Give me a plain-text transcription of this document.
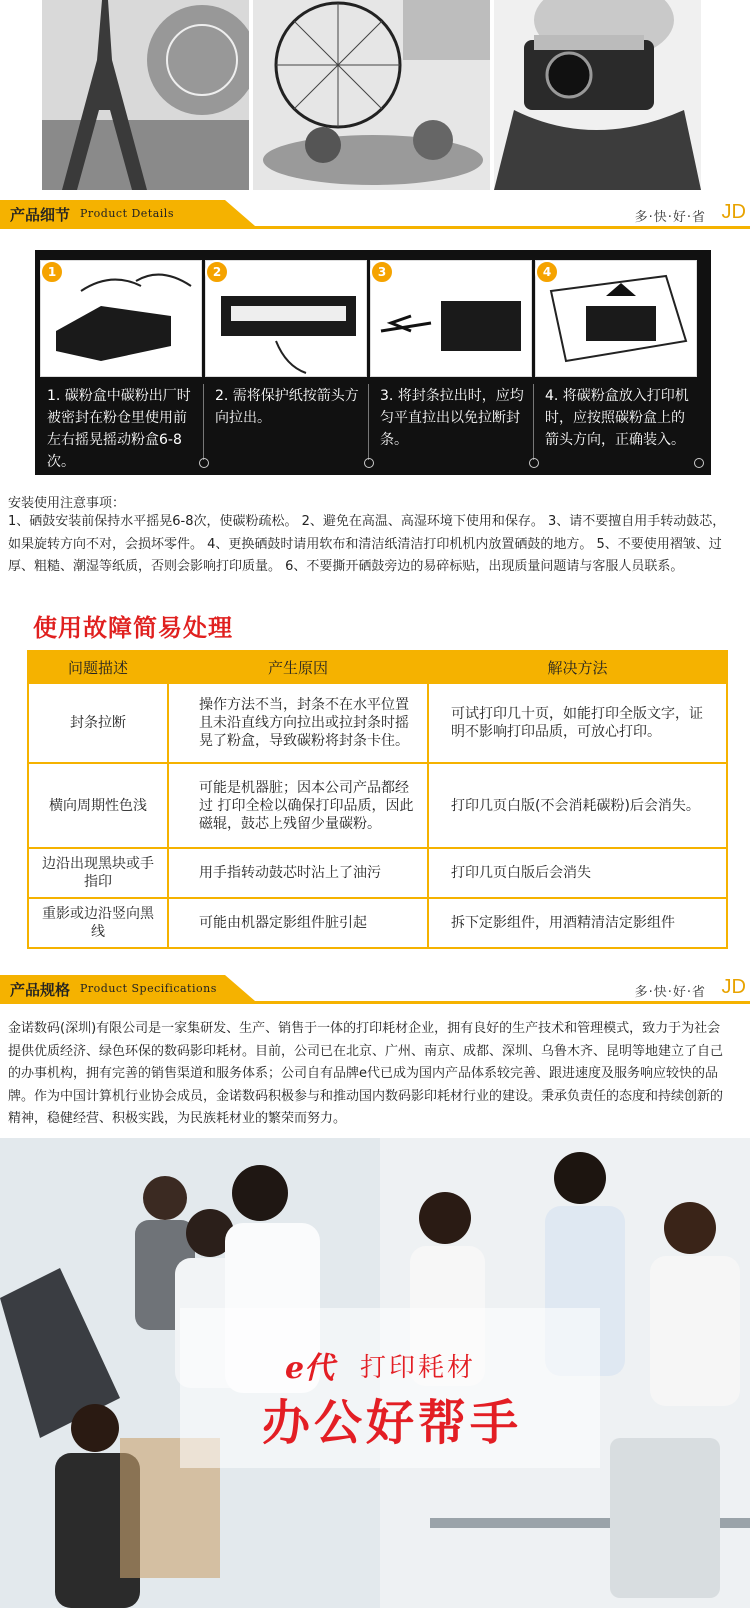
产品细节 Product Details	多·快·好·省 JD
1	2	3	4
1. 碳粉盒中碳粉出厂时被密封在粉仓里使用前左右摇晃摇动粉盒6-8次。
2. 需将保护纸按箭头方向拉出。
3. 将封条拉出时，应均匀平直拉出以免拉断封条。
4. 将碳粉盒放入打印机时，应按照碳粉盒上的箭头方向，正确装入。
安装使用注意事项：
1、硒鼓安装前保持水平摇晃6-8次，使碳粉疏松。 2、避免在高温、高湿环境下使用和保存。 3、请不要擅自用手转动鼓芯，如果旋转方向不对，会损坏零件。 4、更换硒鼓时请用软布和清洁纸清洁打印机机内放置硒鼓的地方。 5、不要使用褶皱、过厚、粗糙、潮湿等纸质，否则会影响打印质量。 6、不要撕开硒鼓旁边的易碎标贴，出现质量问题请与客服人员联系。
使用故障简易处理
问题描述	产生原因	解决方法
封条拉断	操作方法不当，封条不在水平位置且未沿直线方向拉出或拉封条时摇晃了粉盒，导致碳粉将封条卡住。	可试打印几十页，如能打印全版文字，证明不影响打印品质，可放心打印。
横向周期性色浅	可能是机器脏；因本公司产品都经过 打印全检以确保打印品质，因此磁辊，鼓芯上残留少量碳粉。	打印几页白版(不会消耗碳粉)后会消失。
边沿出现黑块或手指印	用手指转动鼓芯时沾上了油污	打印几页白版后会消失
重影或边沿竖向黑线	可能由机器定影组件脏引起	拆下定影组件，用酒精清洁定影组件
产品规格 Product Specifications	多·快·好·省 JD
金诺数码(深圳)有限公司是一家集研发、生产、销售于一体的打印耗材企业，拥有良好的生产技术和管理模式，致力于为社会提供优质经济、绿色环保的数码影印耗材。目前，公司已在北京、广州、南京、成都、深圳、乌鲁木齐、昆明等地建立了自己的办事机构，拥有完善的销售渠道和服务体系；公司自有品牌e代已成为国内产品体系较完善、跟进速度及服务响应较快的品牌。作为中国计算机行业协会成员，金诺数码积极参与和推动国内数码影印耗材行业的建设。秉承负责任的态度和持续创新的精神，稳健经营、积极实践，为民族耗材业的繁荣而努力。
e代 打印耗材
办公好帮手
